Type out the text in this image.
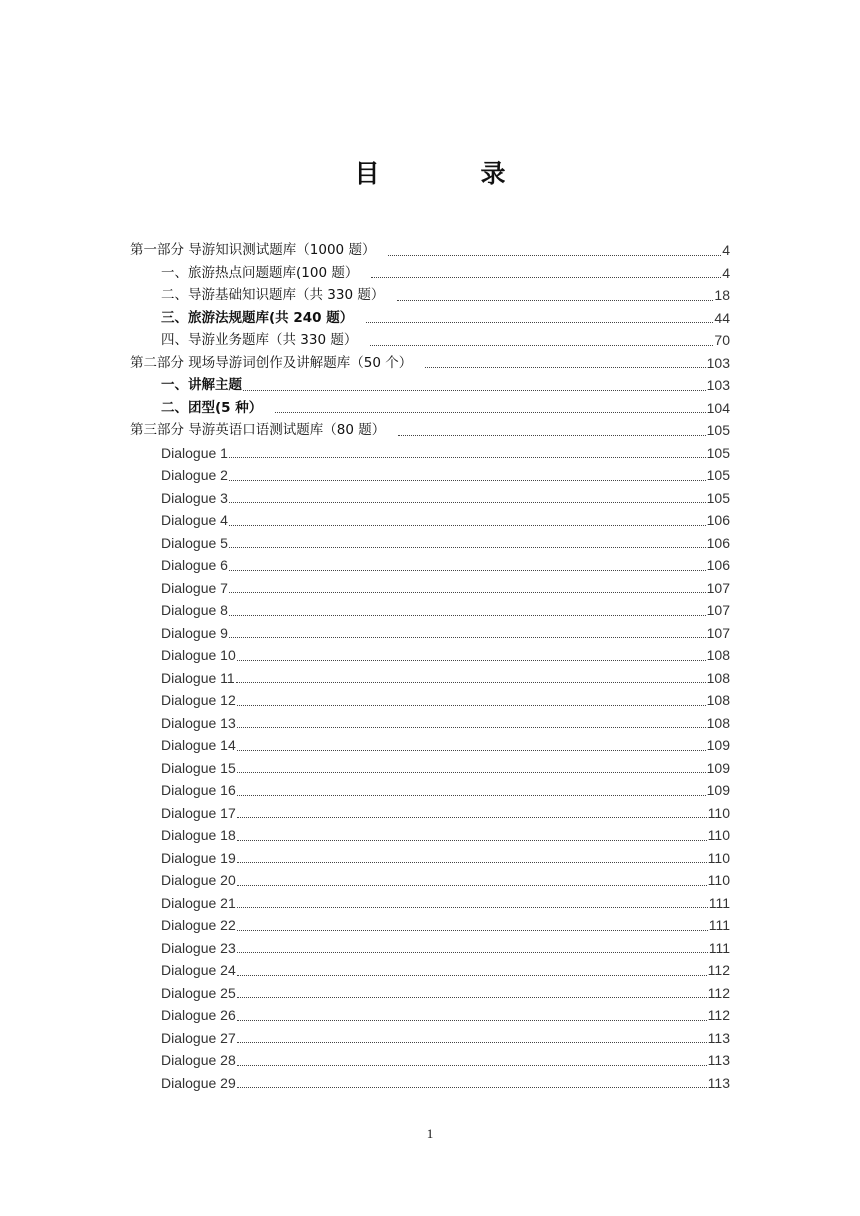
目　录
第一部分 导游知识测试题库（1000 题）	4
一、旅游热点问题题库(100 题）	4
二、导游基础知识题库（共 330 题）	18
三、旅游法规题库(共 240 题）	44
四、导游业务题库（共 330 题）	70
第二部分 现场导游词创作及讲解题库（50 个）	103
一、讲解主题	103
二、团型(5 种）	104
第三部分 导游英语口语测试题库（80 题）	105
Dialogue 1	105
Dialogue 2	105
Dialogue 3	105
Dialogue 4	106
Dialogue 5	106
Dialogue 6	106
Dialogue 7	107
Dialogue 8	107
Dialogue 9	107
Dialogue 10	108
Dialogue 11	108
Dialogue 12	108
Dialogue 13	108
Dialogue 14	109
Dialogue 15	109
Dialogue 16	109
Dialogue 17	110
Dialogue 18	110
Dialogue 19	110
Dialogue 20	110
Dialogue 21	111
Dialogue 22	111
Dialogue 23	111
Dialogue 24	112
Dialogue 25	112
Dialogue 26	112
Dialogue 27	113
Dialogue 28	113
Dialogue 29	113
1
